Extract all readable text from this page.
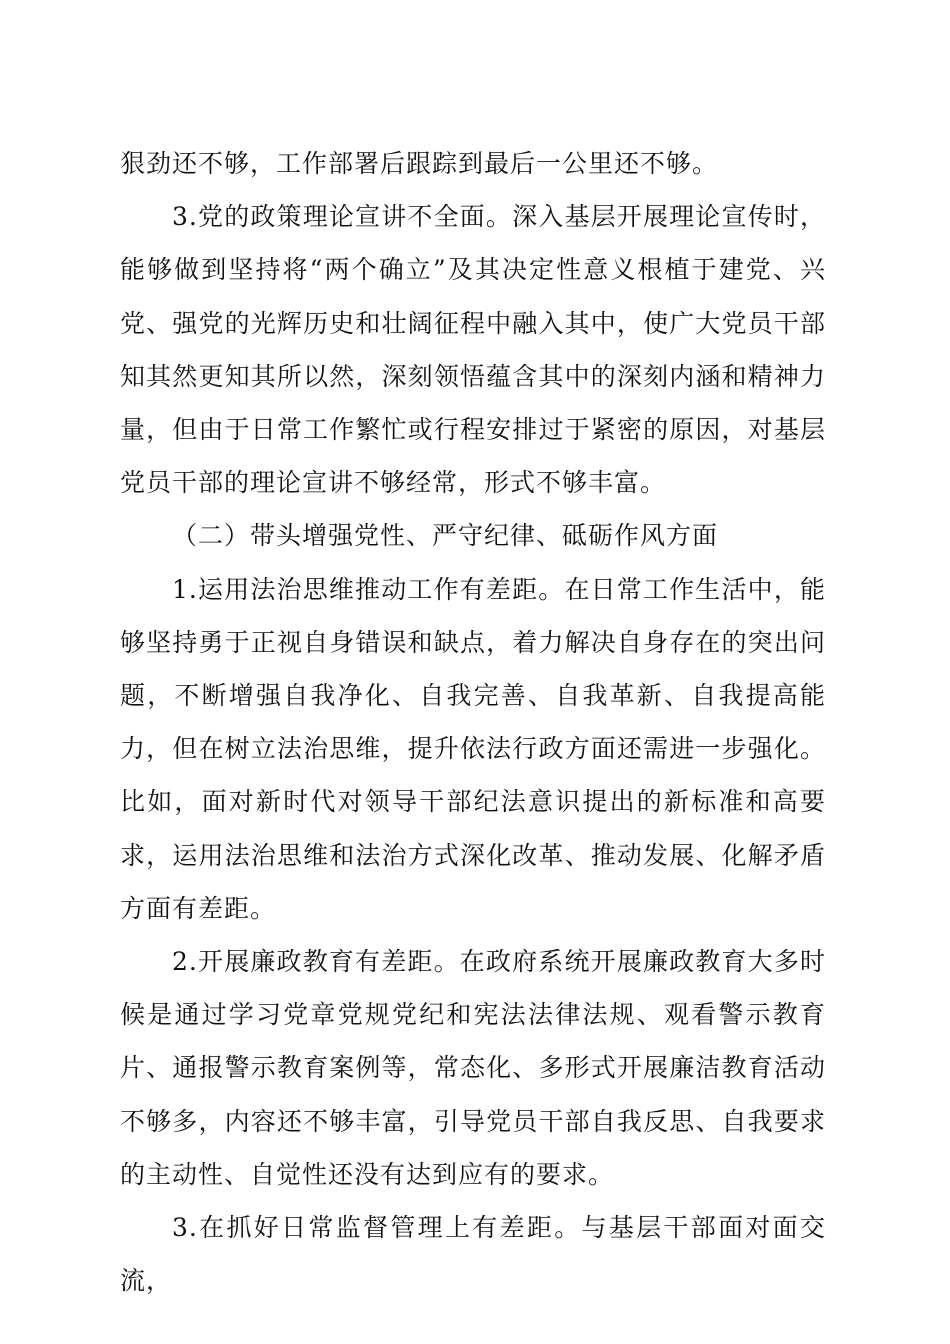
狠劲还不够，工作部署后跟踪到最后一公里还不够。

3.党的政策理论宣讲不全面。深入基层开展理论宣传时，能够做到坚持将“两个确立”及其决定性意义根植于建党、兴党、强党的光辉历史和壮阔征程中融入其中，使广大党员干部知其然更知其所以然，深刻领悟蕴含其中的深刻内涵和精神力量，但由于日常工作繁忙或行程安排过于紧密的原因，对基层党员干部的理论宣讲不够经常，形式不够丰富。

（二）带头增强党性、严守纪律、砥砺作风方面

1.运用法治思维推动工作有差距。在日常工作生活中，能够坚持勇于正视自身错误和缺点，着力解决自身存在的突出问题，不断增强自我净化、自我完善、自我革新、自我提高能力，但在树立法治思维，提升依法行政方面还需进一步强化。比如，面对新时代对领导干部纪法意识提出的新标准和高要求，运用法治思维和法治方式深化改革、推动发展、化解矛盾方面有差距。

2.开展廉政教育有差距。在政府系统开展廉政教育大多时候是通过学习党章党规党纪和宪法法律法规、观看警示教育片、通报警示教育案例等，常态化、多形式开展廉洁教育活动不够多，内容还不够丰富，引导党员干部自我反思、自我要求的主动性、自觉性还没有达到应有的要求。

3.在抓好日常监督管理上有差距。与基层干部面对面交流，
